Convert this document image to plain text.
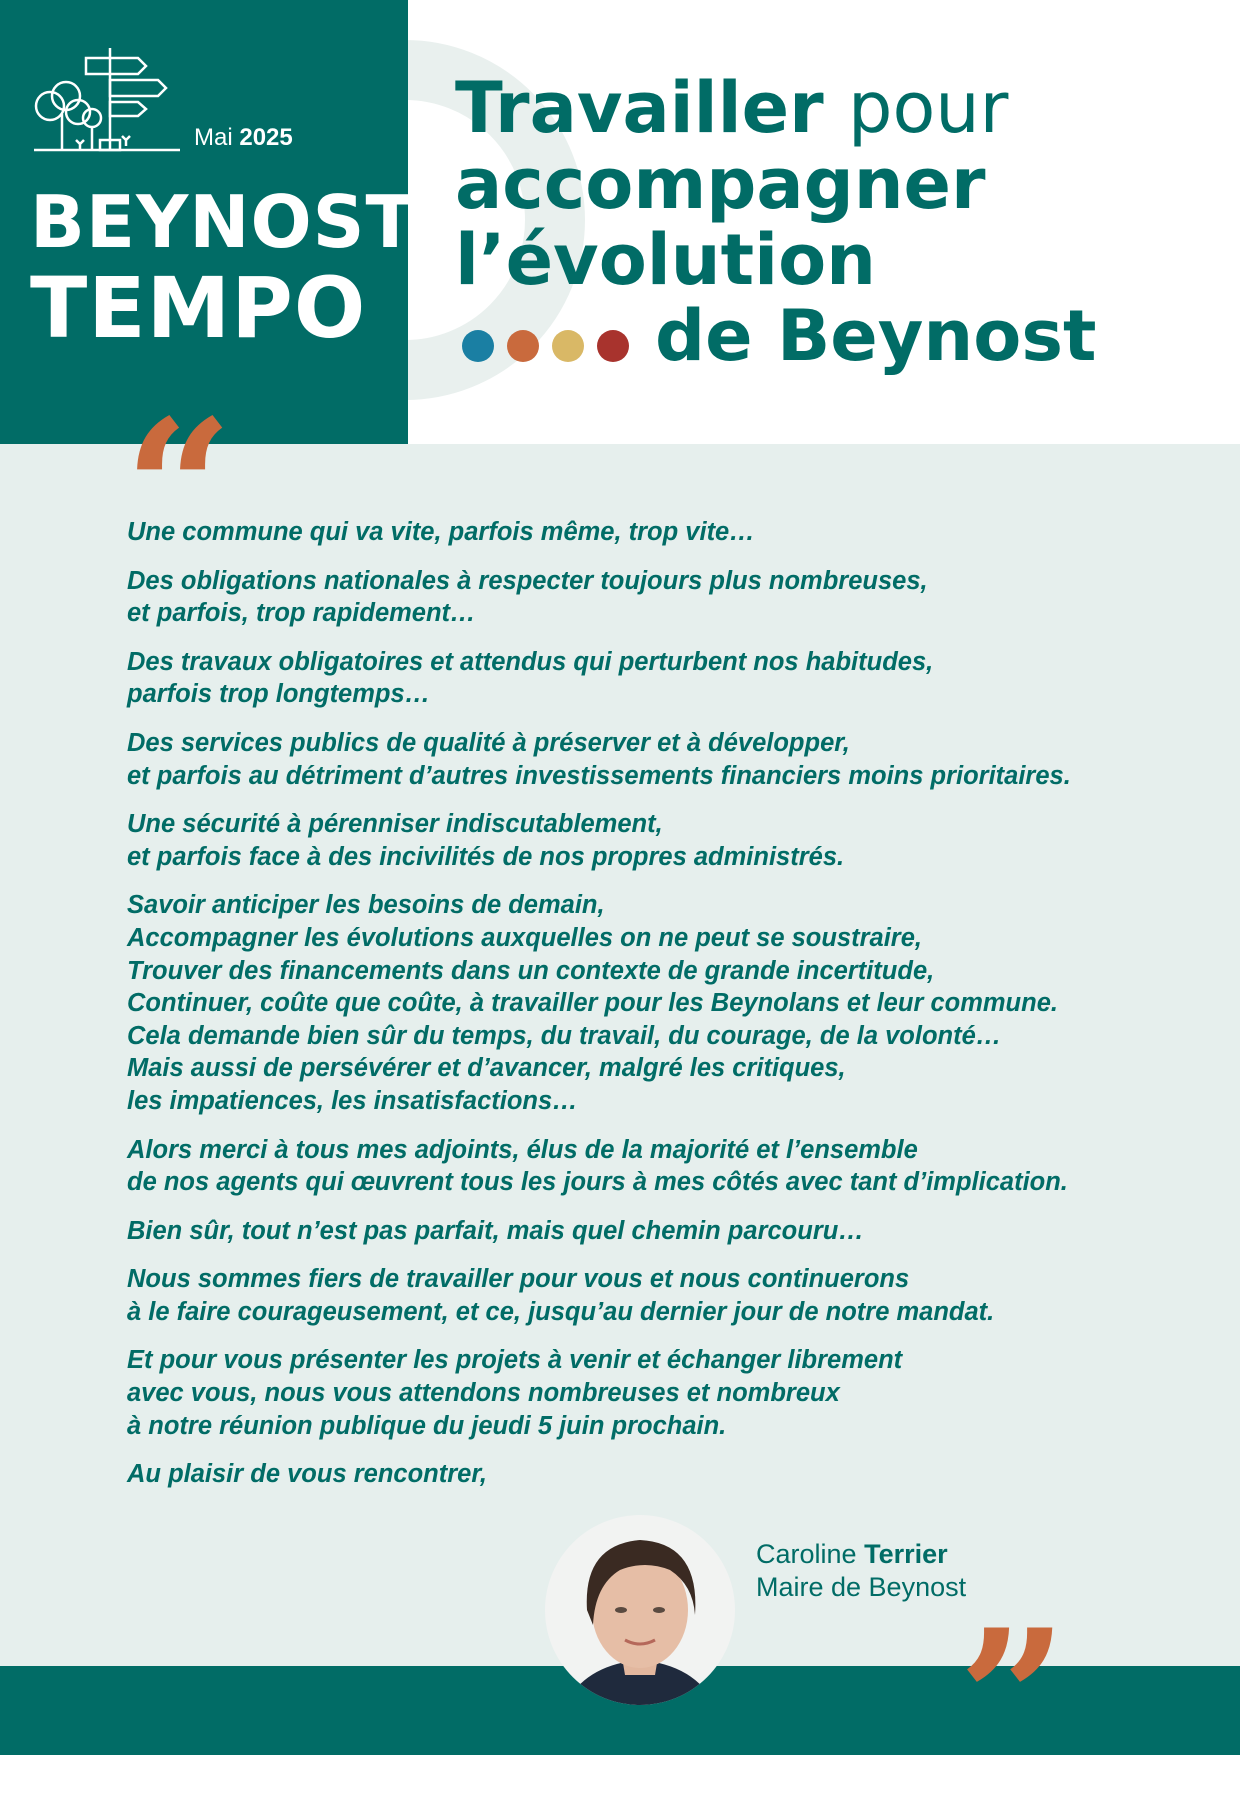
Mai 2025
BEYNOST
TEMPO
Travailler pour
accompagner
l’évolution
de Beynost
“

Une commune qui va vite, parfois même, trop vite…

Des obligations nationales à respecter toujours plus nombreuses,
et parfois, trop rapidement…

Des travaux obligatoires et attendus qui perturbent nos habitudes,
parfois trop longtemps…

Des services publics de qualité à préserver et à développer,
et parfois au détriment d’autres investissements financiers moins prioritaires.

Une sécurité à pérenniser indiscutablement,
et parfois face à des incivilités de nos propres administrés.

Savoir anticiper les besoins de demain,
Accompagner les évolutions auxquelles on ne peut se soustraire,
Trouver des financements dans un contexte de grande incertitude,
Continuer, coûte que coûte, à travailler pour les Beynolans et leur commune.
Cela demande bien sûr du temps, du travail, du courage, de la volonté…
Mais aussi de persévérer et d’avancer, malgré les critiques,
les impatiences, les insatisfactions…

Alors merci à tous mes adjoints, élus de la majorité et l’ensemble
de nos agents qui œuvrent tous les jours à mes côtés avec tant d’implication.

Bien sûr, tout n’est pas parfait, mais quel chemin parcouru…

Nous sommes fiers de travailler pour vous et nous continuerons
à le faire courageusement, et ce, jusqu’au dernier jour de notre mandat.

Et pour vous présenter les projets à venir et échanger librement
avec vous, nous vous attendons nombreuses et nombreux
à notre réunion publique du jeudi 5 juin prochain.

Au plaisir de vous rencontrer,

Caroline Terrier
Maire de Beynost
”
